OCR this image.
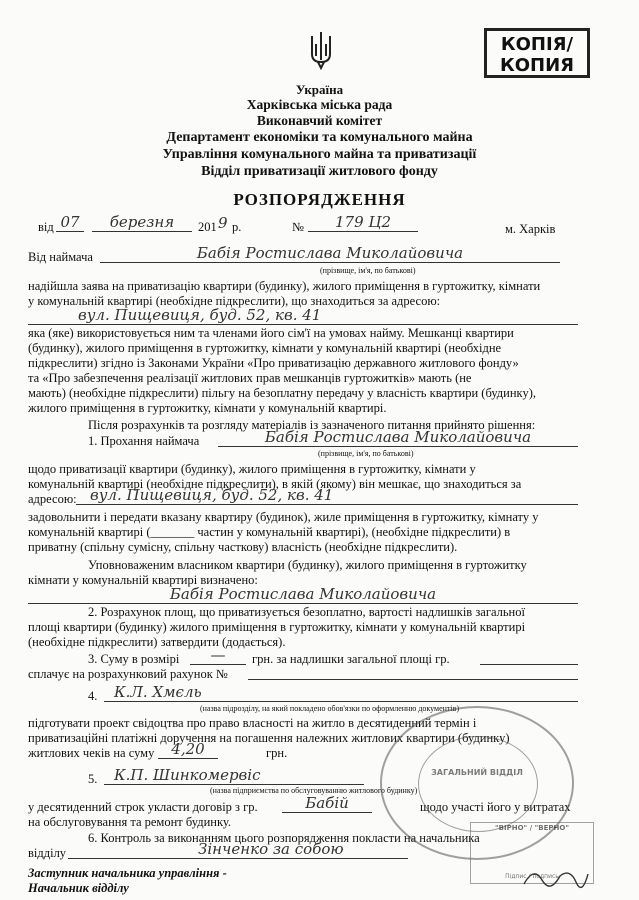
КОПІЯ/ КОПИЯ
Україна
Харківська міська рада
Виконавчий комітет
Департамент економіки та комунального майна
Управління комунального майна та приватизації
Відділ приватизації житлового фонду
РОЗПОРЯДЖЕННЯ
від 07	березня	201 9 р.	№	179 Ц2	м. Харків
Від наймача	Бабія Ростислава Миколайовича
(прізвище, ім'я, по батькові)
надійшла заява на приватизацію квартири (будинку), жилого приміщення в гуртожитку, кімнати
у комунальній квартирі (необхідне підкреслити), що знаходиться за адресою:
вул. Пищевиця, буд. 52, кв. 41
яка (яке) використовується ним та членами його сім'ї на умовах найму. Мешканці квартири
(будинку), жилого приміщення в гуртожитку, кімнати у комунальній квартирі (необхідне
підкреслити) згідно із Законами України «Про приватизацію державного житлового фонду»
та «Про забезпечення реалізації житлових прав мешканців гуртожитків» мають (не
мають) (необхідне підкреслити) пільгу на безоплатну передачу у власність квартири (будинку),
жилого приміщення в гуртожитку, кімнати у комунальній квартирі.
Після розрахунків та розгляду матеріалів із зазначеного питання прийнято рішення:
1. Прохання наймача	Бабія Ростислава Миколайовича
(прізвище, ім'я, по батькові)
щодо приватизації квартири (будинку), жилого приміщення в гуртожитку, кімнати у
комунальній квартирі (необхідне підкреслити), в якій (якому) він мешкає, що знаходиться за
адресою: вул. Пищевиця, буд. 52, кв. 41
задовольнити і передати вказану квартиру (будинок), жиле приміщення в гуртожитку, кімнату у
комунальній квартирі (_______ частин у комунальній квартирі), (необхідне підкреслити) в
приватну (спільну сумісну, спільну часткову) власність (необхідне підкреслити).
Уповноваженим власником квартири (будинку), жилого приміщення в гуртожитку
кімнати у комунальній квартирі визначено:
Бабія Ростислава Миколайовича
2. Розрахунок площ, що приватизується безоплатно, вартості надлишків загальної
площі квартири (будинку) жилого приміщення в гуртожитку, кімнати у комунальній квартирі
(необхідне підкреслити) затвердити (додається).
3. Суму в розмірі	—	грн. за надлишки загальної площі гр.
сплачує на розрахунковий рахунок №
4.	К.Л. Хмєль
(назва підрозділу, на який покладено обов'язки по оформленню документів)
підготувати проект свідоцтва про право власності на житло в десятиденний термін і
приватизаційні платіжні доручення на погашення належних житлових квартири (будинку)
житлових чеків на суму	4,20	грн.
5.	К.П. Шинкомервіс
(назва підприємства по обслуговуванню житлового будинку)
у десятиденний строк укласти договір з гр.	Бабій	щодо участі його у витратах
на обслуговування та ремонт будинку.
6. Контроль за виконанням цього розпорядження покласти на начальника
відділу	Зінченко за собою
Заступник начальника управління -
Начальник відділу
ЗАГАЛЬНИЙ ВІДДІЛ
"ВІРНО" / "ВЕРНО"
Підпис / подпись
